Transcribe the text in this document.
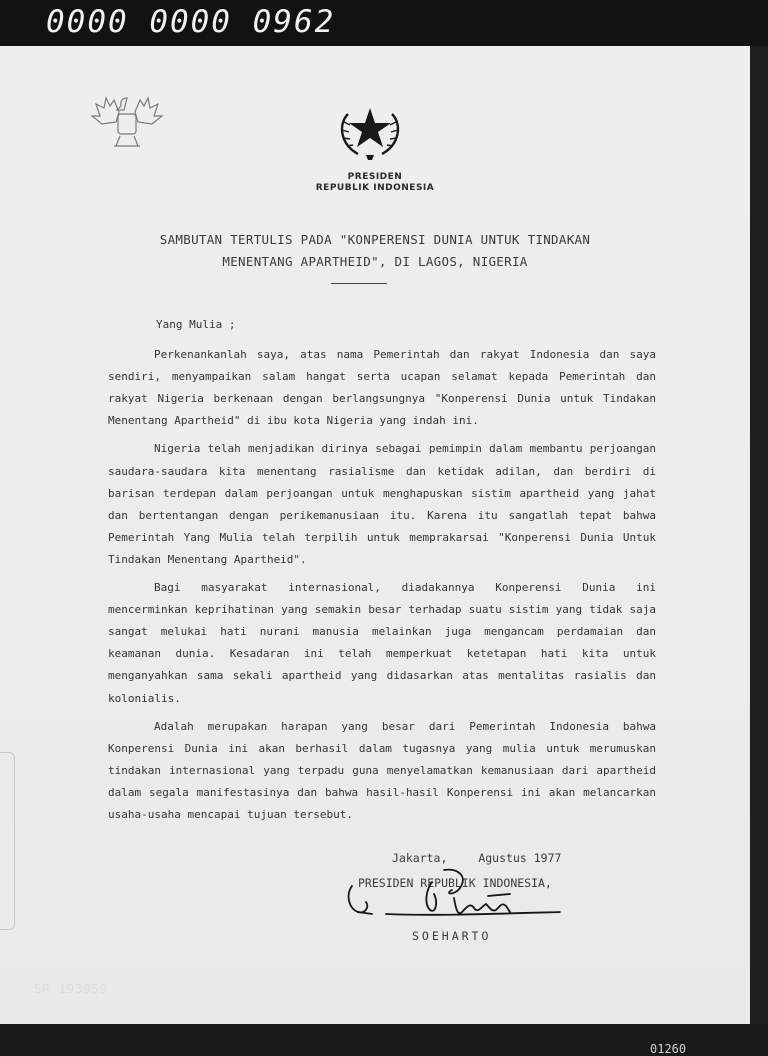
0000 0000 0962
PRESIDEN
REPUBLIK INDONESIA
SAMBUTAN TERTULIS PADA "KONPERENSI DUNIA UNTUK TINDAKAN
MENENTANG APARTHEID", DI LAGOS, NIGERIA

Yang Mulia ;

Perkenankanlah saya, atas nama Pemerintah dan rakyat Indonesia dan saya sendiri, menyampaikan salam hangat serta ucapan selamat kepada Pemerintah dan rakyat Nigeria berkenaan dengan berlangsungnya "Konperensi Dunia untuk Tindakan Menentang Apartheid" di ibu kota Nigeria yang indah ini.

Nigeria telah menjadikan dirinya sebagai pemimpin dalam membantu perjoangan saudara-saudara kita menentang rasialisme dan ketidak adilan, dan berdiri di barisan terdepan dalam perjoangan untuk menghapuskan sistim apartheid yang jahat dan bertentangan dengan perikemanusiaan itu. Karena itu sangatlah tepat bahwa Pemerintah Yang Mulia telah terpilih untuk memprakarsai "Konperensi Dunia Untuk Tindakan Menentang Apartheid".

Bagi masyarakat internasional, diadakannya Konperensi Dunia ini mencerminkan keprihatinan yang semakin besar terhadap suatu sistim yang tidak saja sangat melukai hati nurani manusia melainkan juga mengancam perdamaian dan keamanan dunia. Kesadaran ini telah memperkuat ketetapan hati kita untuk menganyahkan sama sekali apartheid yang didasarkan atas mentalitas rasialis dan kolonialis.

Adalah merupakan harapan yang besar dari Pemerintah Indonesia bahwa Konperensi Dunia ini akan berhasil dalam tugasnya yang mulia untuk merumuskan tindakan internasional yang terpadu guna menyelamatkan kemanusiaan dari apartheid dalam segala manifestasinya dan bahwa hasil-hasil Konperensi ini akan melancarkan usaha-usaha mencapai tujuan tersebut.

Jakarta,	Agustus 1977
PRESIDEN REPUBLIK INDONESIA,
SOEHARTO
SR 193959
01260
